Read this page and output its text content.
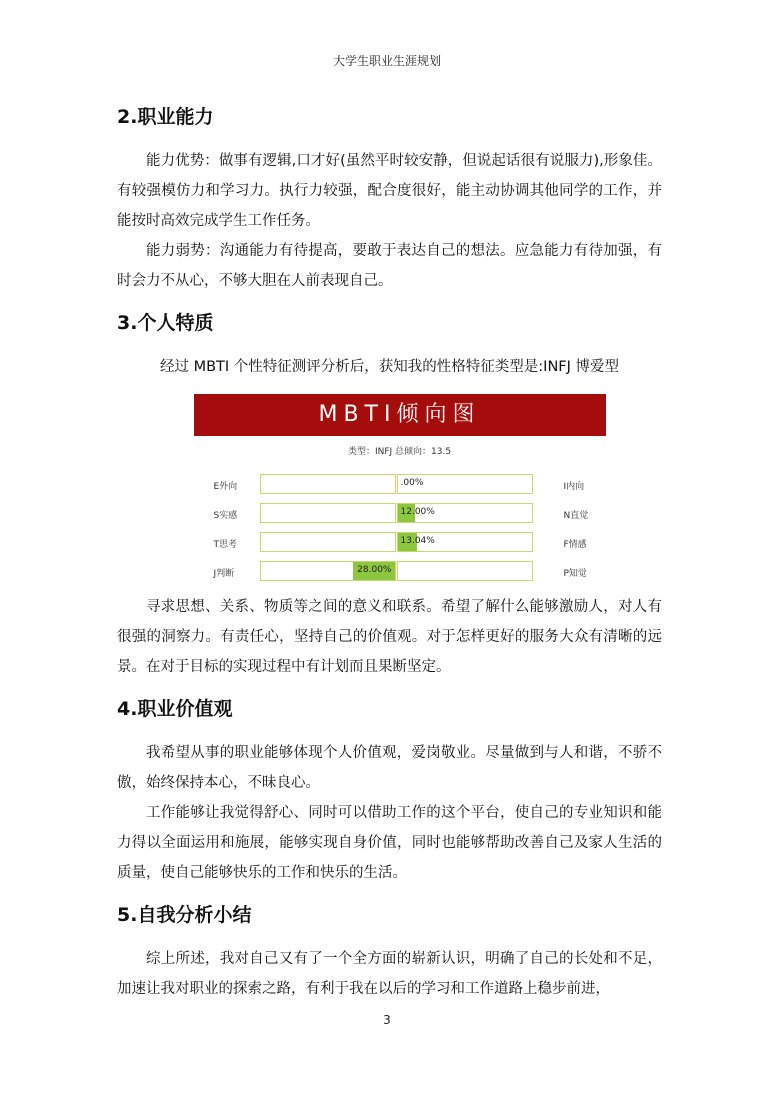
大学生职业生涯规划
2.职业能力

能力优势：做事有逻辑,口才好(虽然平时较安静，但说起话很有说服力),形象佳。有较强模仿力和学习力。执行力较强，配合度很好，能主动协调其他同学的工作，并能按时高效完成学生工作任务。

能力弱势：沟通能力有待提高，要敢于表达自己的想法。应急能力有待加强，有时会力不从心，不够大胆在人前表现自己。

3.个人特质

经过 MBTI 个性特征测评分析后，获知我的性格特征类型是:INFJ 博爱型

MBTI倾向图
类型：INFJ 总倾向：13.5
E外向	.00%	I内向
S实感	12.00%	N直觉
T思考	13.04%	F情感
J判断	28.00%	P知觉

寻求思想、关系、物质等之间的意义和联系。希望了解什么能够激励人，对人有很强的洞察力。有责任心，坚持自己的价值观。对于怎样更好的服务大众有清晰的远景。在对于目标的实现过程中有计划而且果断坚定。

4.职业价值观

我希望从事的职业能够体现个人价值观，爱岗敬业。尽量做到与人和谐，不骄不傲，始终保持本心，不昧良心。

工作能够让我觉得舒心、同时可以借助工作的这个平台，使自己的专业知识和能力得以全面运用和施展，能够实现自身价值，同时也能够帮助改善自己及家人生活的质量，使自己能够快乐的工作和快乐的生活。

5.自我分析小结

综上所述，我对自己又有了一个全方面的崭新认识，明确了自己的长处和不足，加速让我对职业的探索之路，有利于我在以后的学习和工作道路上稳步前进，

3
